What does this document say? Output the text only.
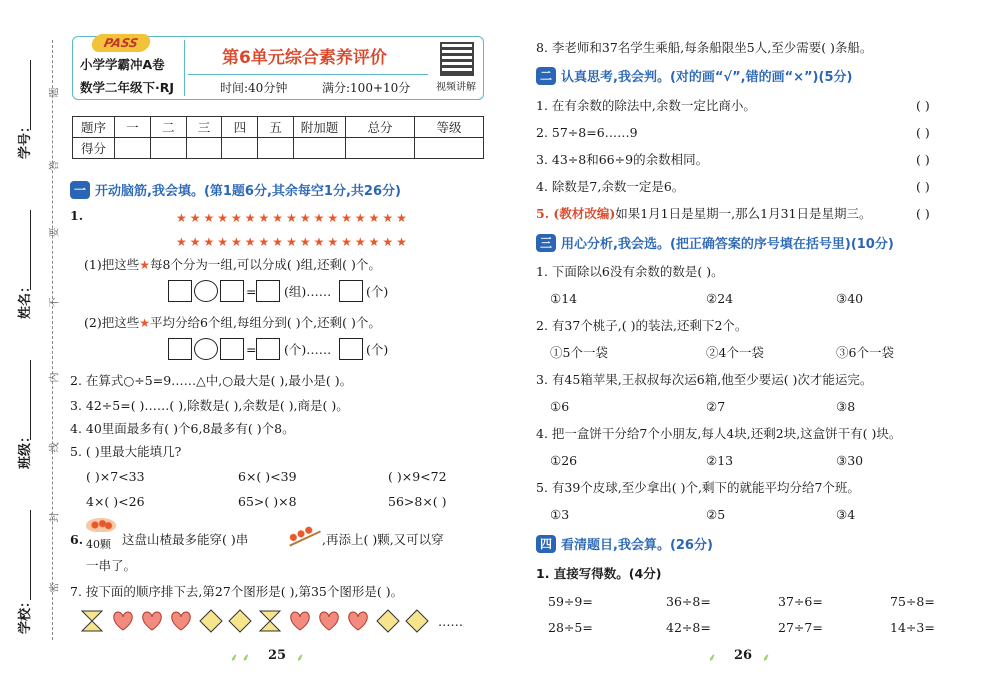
学号：
姓名：
班级：
学校：
题
答
要
不
内
线
封
密
PASS
小学学霸冲A卷
数学二年级下·RJ
第6单元综合素养评价
时间:40分钟	满分:100+10分	视频讲解
题序	一	二	三	四	五	附加题	总分	等级
得分								
一 开动脑筋,我会填。(第1题6分,其余每空1分,共26分)
1.	★★★★★★★★★★★★★★★★★
★★★★★★★★★★★★★★★★★
(1)把这些★每8个分为一组,可以分成( )组,还剩( )个。
= (组)……	(个)
(2)把这些★平均分给6个组,每组分到( )个,还剩( )个。
= (个)……	(个)
2. 在算式○÷5=9……△中,○最大是( ),最小是( )。
3. 42÷5=( )……( ),除数是( ),余数是( ),商是( )。
4. 40里面最多有( )个6,8最多有( )个8。
5. ( )里最大能填几?
( )×7<33	6×( )<39	( )×9<72
4×( )<26	65>( )×8	56>8×( )
6. 40颗 这盘山楂最多能穿( )串	,再添上( )颗,又可以穿
一串了。
7. 按下面的顺序排下去,第27个图形是( ),第35个图形是( )。
……
25
⸙ ⸙	⸙
8. 李老师和37名学生乘船,每条船限坐5人,至少需要( )条船。
二 认真思考,我会判。(对的画“√”,错的画“×”)(5分)
1. 在有余数的除法中,余数一定比商小。	( )
2. 57÷8=6……9	( )
3. 43÷8和66÷9的余数相同。	( )
4. 除数是7,余数一定是6。	( )
5. (教材改编)如果1月1日是星期一,那么1月31日是星期三。	( )
三 用心分析,我会选。(把正确答案的序号填在括号里)(10分)
1. 下面除以6没有余数的数是( )。
①14	②24	③40
2. 有37个桃子,( )的装法,还剩下2个。
①5个一袋	②4个一袋	③6个一袋
3. 有45箱苹果,王叔叔每次运6箱,他至少要运( )次才能运完。
①6	②7	③8
4. 把一盒饼干分给7个小朋友,每人4块,还剩2块,这盒饼干有( )块。
①26	②13	③30
5. 有39个皮球,至少拿出( )个,剩下的就能平均分给7个班。
①3	②5	③4
四 看清题目,我会算。(26分)
1. 直接写得数。(4分)
59÷9=	36÷8=	37÷6=	75÷8=
28÷5=	42÷8=	27÷7=	14÷3=
26
⸙	⸙
